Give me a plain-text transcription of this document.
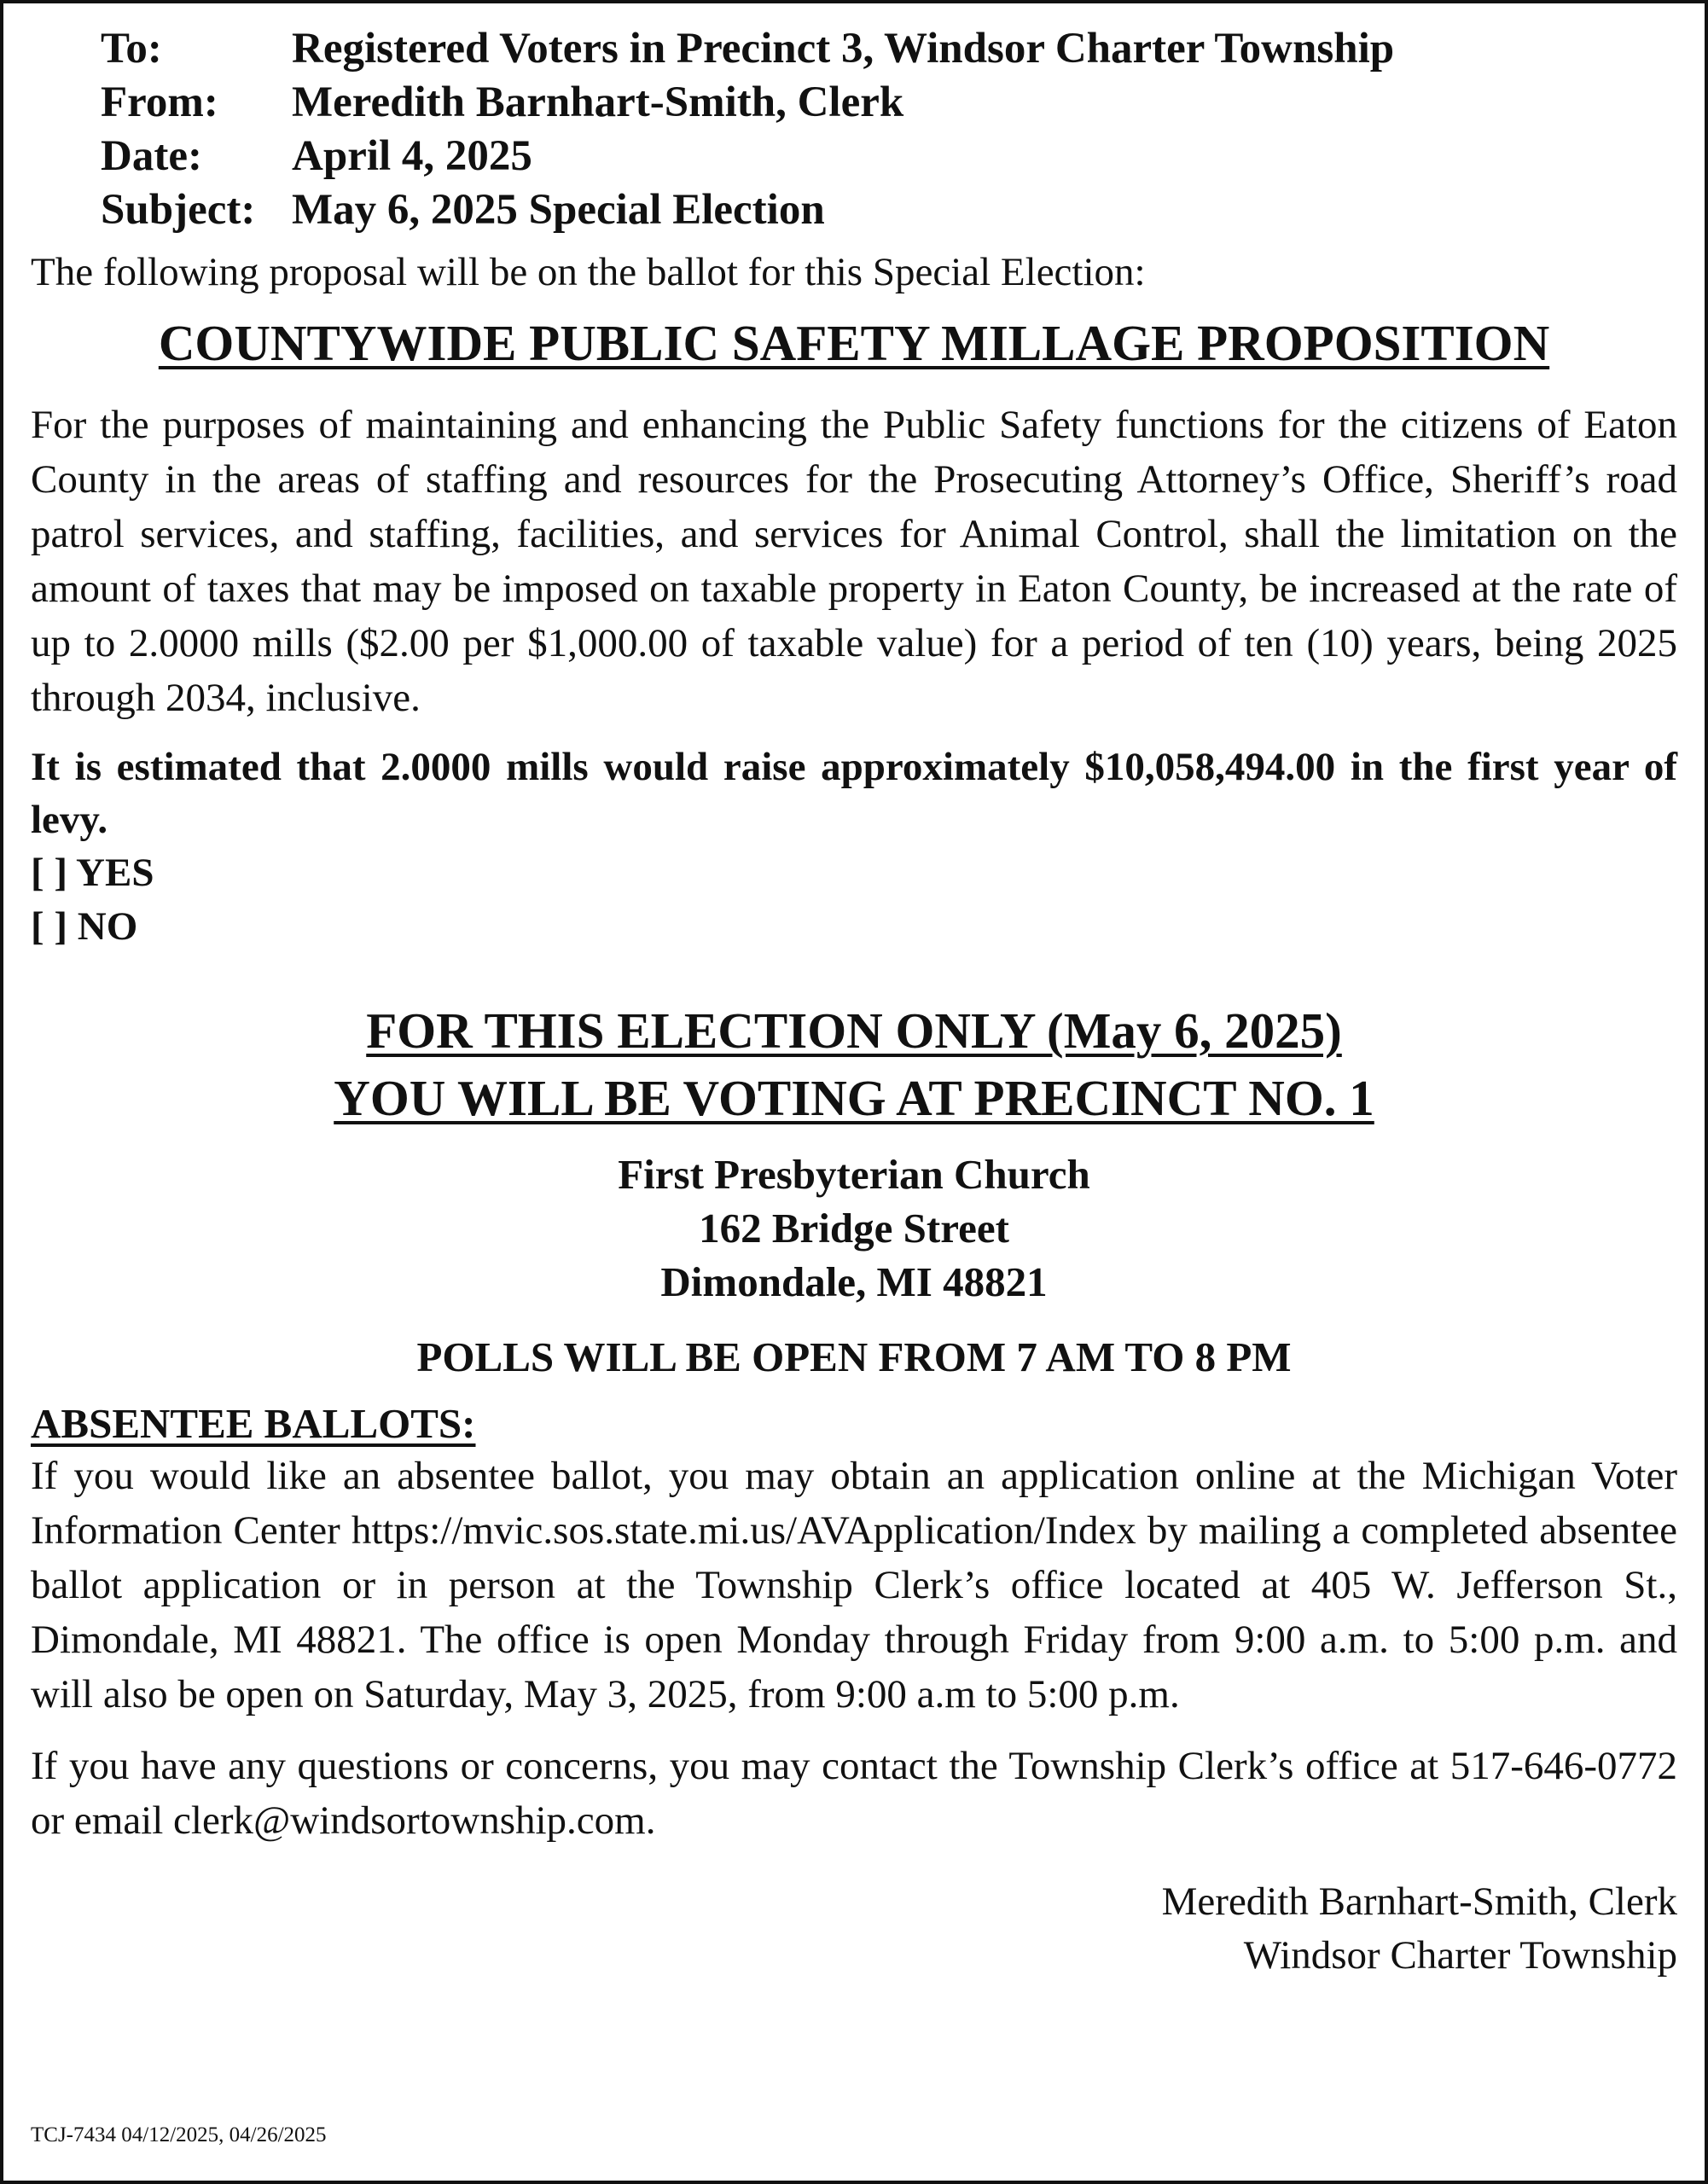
To:	Registered Voters in Precinct 3, Windsor Charter Township
From:	Meredith Barnhart-Smith, Clerk
Date:	April 4, 2025
Subject: May 6, 2025 Special Election
The following proposal will be on the ballot for this Special Election:
COUNTYWIDE PUBLIC SAFETY MILLAGE PROPOSITION
For the purposes of maintaining and enhancing the Public Safety functions for the citizens of Eaton County in the areas of staffing and resources for the Prosecuting Attorney’s Office, Sheriff’s road patrol services, and staffing, facilities, and services for Animal Control, shall the limitation on the amount of taxes that may be imposed on taxable property in Eaton County, be increased at the rate of up to 2.0000 mills ($2.00 per $1,000.00 of taxable value) for a period of ten (10) years, being 2025 through 2034, inclusive.
It is estimated that 2.0000 mills would raise approximately $10,058,494.00 in the first year of levy.
[ ] YES
[ ] NO
FOR THIS ELECTION ONLY (May 6, 2025)
YOU WILL BE VOTING AT PRECINCT NO. 1
First Presbyterian Church
162 Bridge Street
Dimondale, MI 48821
POLLS WILL BE OPEN FROM 7 AM TO 8 PM
ABSENTEE BALLOTS:
If you would like an absentee ballot, you may obtain an application online at the Michigan Voter Information Center https://mvic.sos.state.mi.us/AVApplication/Index by mailing a completed absentee ballot application or in person at the Township Clerk’s office located at 405 W. Jefferson St., Dimondale, MI 48821. The office is open Monday through Friday from 9:00 a.m. to 5:00 p.m. and will also be open on Saturday, May 3, 2025, from 9:00 a.m to 5:00 p.m.
If you have any questions or concerns, you may contact the Township Clerk’s office at 517-646-0772 or email clerk@windsortownship.com.
Meredith Barnhart-Smith, Clerk
Windsor Charter Township
TCJ-7434 04/12/2025, 04/26/2025
